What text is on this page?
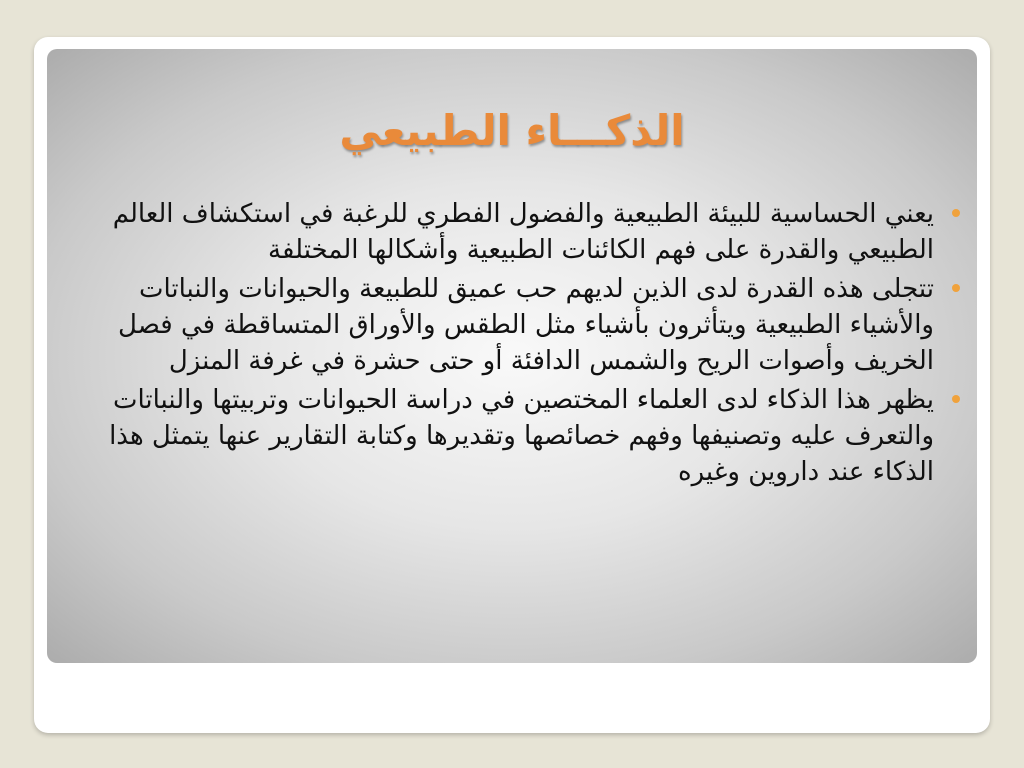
الذكـــاء الطبيعي
يعني الحساسية للبيئة الطبيعية والفضول الفطري للرغبة في استكشاف العالم الطبيعي والقدرة على فهم الكائنات الطبيعية وأشكالها المختلفة
تتجلى هذه القدرة لدى الذين لديهم حب عميق للطبيعة والحيوانات والنباتات والأشياء الطبيعية ويتأثرون بأشياء مثل الطقس والأوراق المتساقطة في فصل الخريف وأصوات الريح والشمس الدافئة أو حتى حشرة في غرفة المنزل
يظهر هذا الذكاء لدى العلماء المختصين في دراسة الحيوانات وتربيتها والنباتات والتعرف عليه وتصنيفها وفهم خصائصها وتقديرها وكتابة التقارير عنها يتمثل هذا الذكاء عند داروين وغيره
